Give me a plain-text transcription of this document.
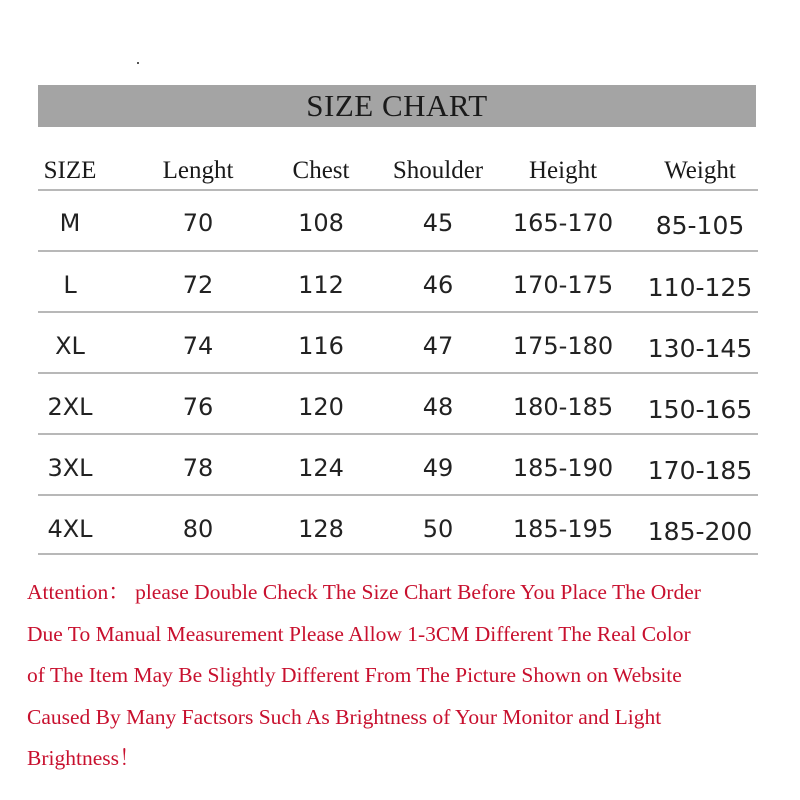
SIZE CHART
SIZE	Lenght	Chest	Shoulder	Height	Weight
M	70	108	45	165-170	85-105
L	72	112	46	170-175	110-125
XL	74	116	47	175-180	130-145
2XL	76	120	48	180-185	150-165
3XL	78	124	49	185-190	170-185
4XL	80	128	50	185-195	185-200
Attention： please Double Check The Size Chart Before You Place The Order
Due To Manual Measurement Please Allow 1-3CM Different The Real Color
of The Item May Be Slightly Different From The Picture Shown on Website
Caused By Many Factsors Such As Brightness of Your Monitor and Light
Brightness！
